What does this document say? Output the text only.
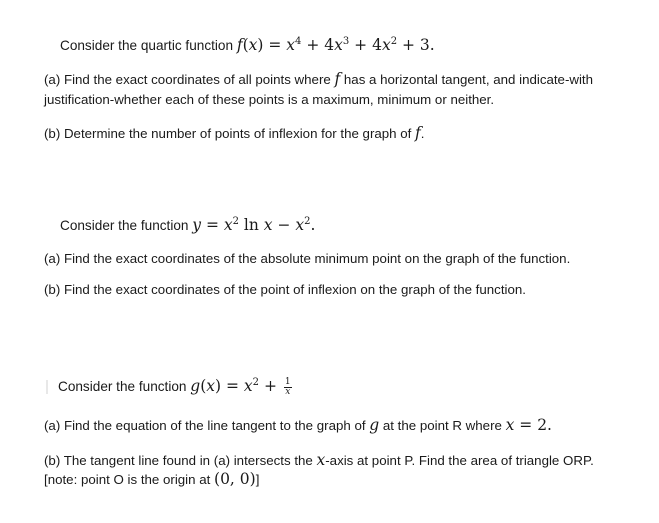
Consider the quartic function $f(x) = x^4 + 4x^3 + 4x^2 + 3$.
(a) Find the exact coordinates of all points where f has a horizontal tangent, and indicate-with
justification-whether each of these points is a maximum, minimum or neither.
(b) Determine the number of points of inflexion for the graph of f.
Consider the function $y = x^2$ $\ln x - x^2$.
(a) Find the exact coordinates of the absolute minimum point on the graph of the function.
(b) Find the exact coordinates of the point of inflexion on the graph of the function.
Consider the function $g(x) = x^2 + \frac{1}{x}$
(a) Find the equation of the line tangent to the graph of g at the point R where x = 2.
(b) The tangent line found in (a) intersects the x-axis at point P. Find the area of triangle ORP.
[note: point O is the origin at (0, 0)]
